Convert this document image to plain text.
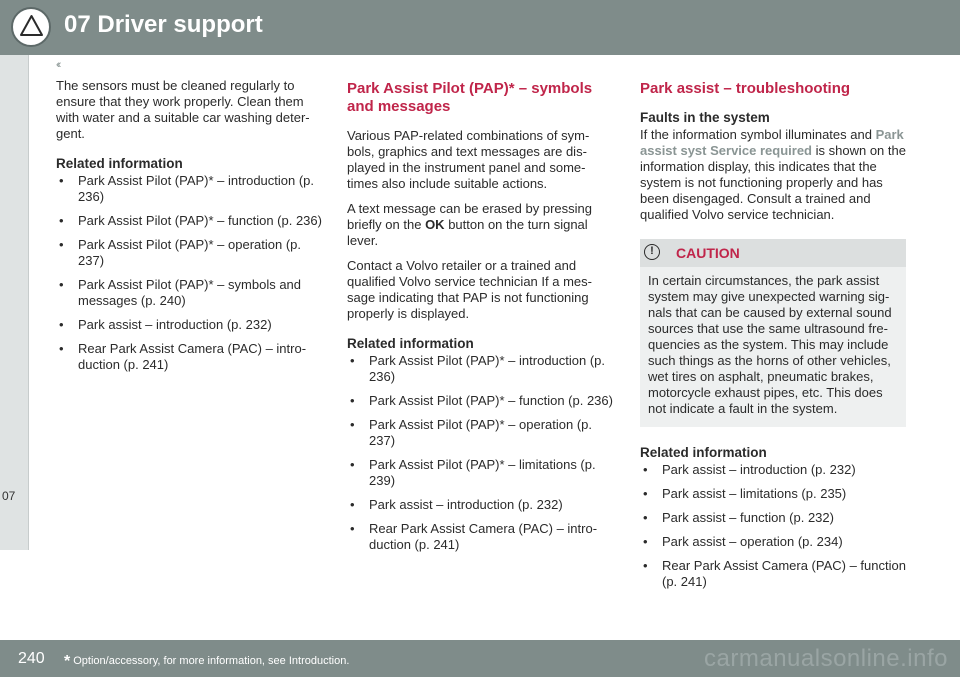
07 Driver support
‹‹
07

The sensors must be cleaned regularly to ensure that they work properly. Clean them with water and a suitable car washing deter-gent.

Related information
• Park Assist Pilot (PAP)* – introduction (p. 236)
• Park Assist Pilot (PAP)* – function (p. 236)
• Park Assist Pilot (PAP)* – operation (p. 237)
• Park Assist Pilot (PAP)* – symbols and messages (p. 240)
• Park assist – introduction (p. 232)
• Rear Park Assist Camera (PAC) – intro-duction (p. 241)
Park Assist Pilot (PAP)* – symbols and messages

Various PAP-related combinations of sym-bols, graphics and text messages are dis-played in the instrument panel and some-times also include suitable actions.

A text message can be erased by pressing briefly on the OK button on the turn signal lever.

Contact a Volvo retailer or a trained and qualified Volvo service technician If a mes-sage indicating that PAP is not functioning properly is displayed.

Related information
• Park Assist Pilot (PAP)* – introduction (p. 236)
• Park Assist Pilot (PAP)* – function (p. 236)
• Park Assist Pilot (PAP)* – operation (p. 237)
• Park Assist Pilot (PAP)* – limitations (p. 239)
• Park assist – introduction (p. 232)
• Rear Park Assist Camera (PAC) – intro-duction (p. 241)
Park assist – troubleshooting
Faults in the system

If the information symbol illuminates and Park assist syst Service required is shown on the information display, this indicates that the system is not functioning properly and has been disengaged. Consult a trained and qualified Volvo service technician.

!	CAUTION
In certain circumstances, the park assist system may give unexpected warning sig-nals that can be caused by external sound sources that use the same ultrasound fre-quencies as the system. This may include such things as the horns of other vehicles, wet tires on asphalt, pneumatic brakes, motorcycle exhaust pipes, etc. This does not indicate a fault in the system.
Related information
• Park assist – introduction (p. 232)
• Park assist – limitations (p. 235)
• Park assist – function (p. 232)
• Park assist – operation (p. 234)
• Rear Park Assist Camera (PAC) – function (p. 241)
240 * Option/accessory, for more information, see Introduction.	carmanualsonline.info
